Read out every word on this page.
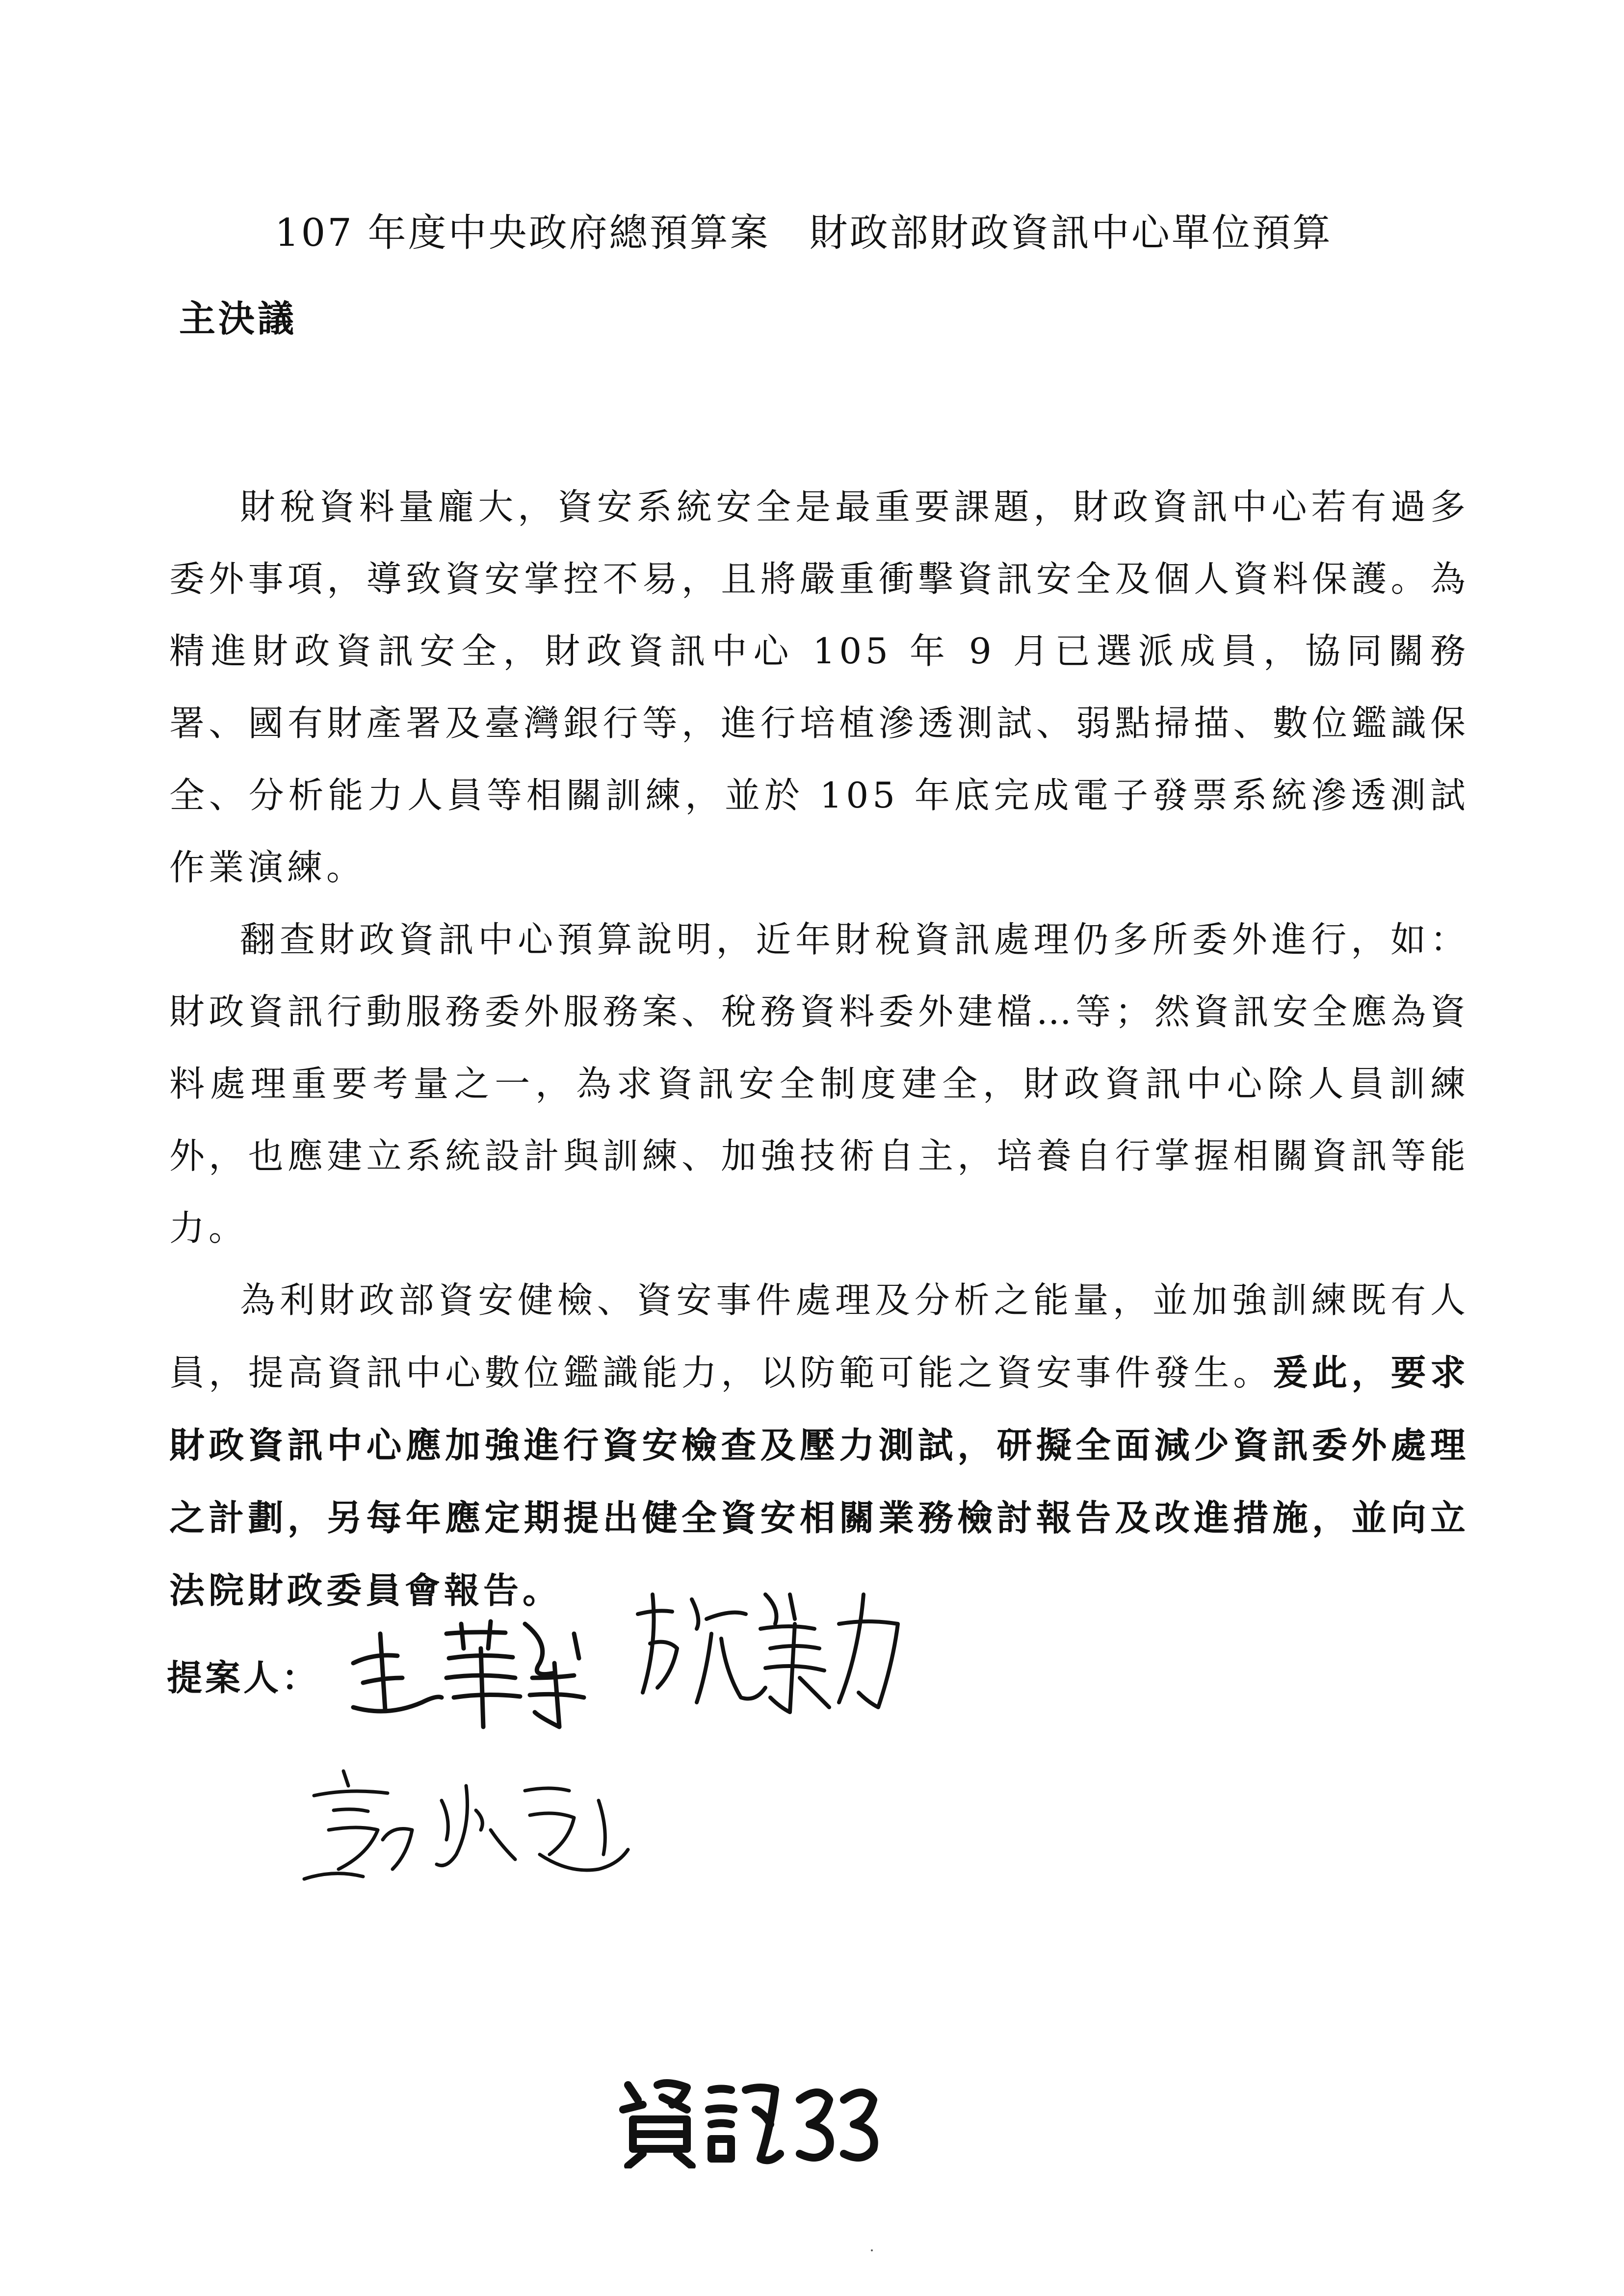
107 年度中央政府總預算案 財政部財政資訊中心單位預算
主決議

財稅資料量龐大，資安系統安全是最重要課題，財政資訊中心若有過多委外事項，導致資安掌控不易，且將嚴重衝擊資訊安全及個人資料保護。為精進財政資訊安全，財政資訊中心 105 年 9 月已選派成員，協同關務署、國有財產署及臺灣銀行等，進行培植滲透測試、弱點掃描、數位鑑識保全、分析能力人員等相關訓練，並於 105 年底完成電子發票系統滲透測試作業演練。

翻查財政資訊中心預算說明，近年財稅資訊處理仍多所委外進行，如：財政資訊行動服務委外服務案、稅務資料委外建檔…等；然資訊安全應為資料處理重要考量之一，為求資訊安全制度建全，財政資訊中心除人員訓練外，也應建立系統設計與訓練、加強技術自主，培養自行掌握相關資訊等能力。

為利財政部資安健檢、資安事件處理及分析之能量，並加強訓練既有人員，提高資訊中心數位鑑識能力，以防範可能之資安事件發生。爰此，要求財政資訊中心應加強進行資安檢查及壓力測試，研擬全面減少資訊委外處理之計劃，另每年應定期提出健全資安相關業務檢討報告及改進措施，並向立法院財政委員會報告。

提案人：
